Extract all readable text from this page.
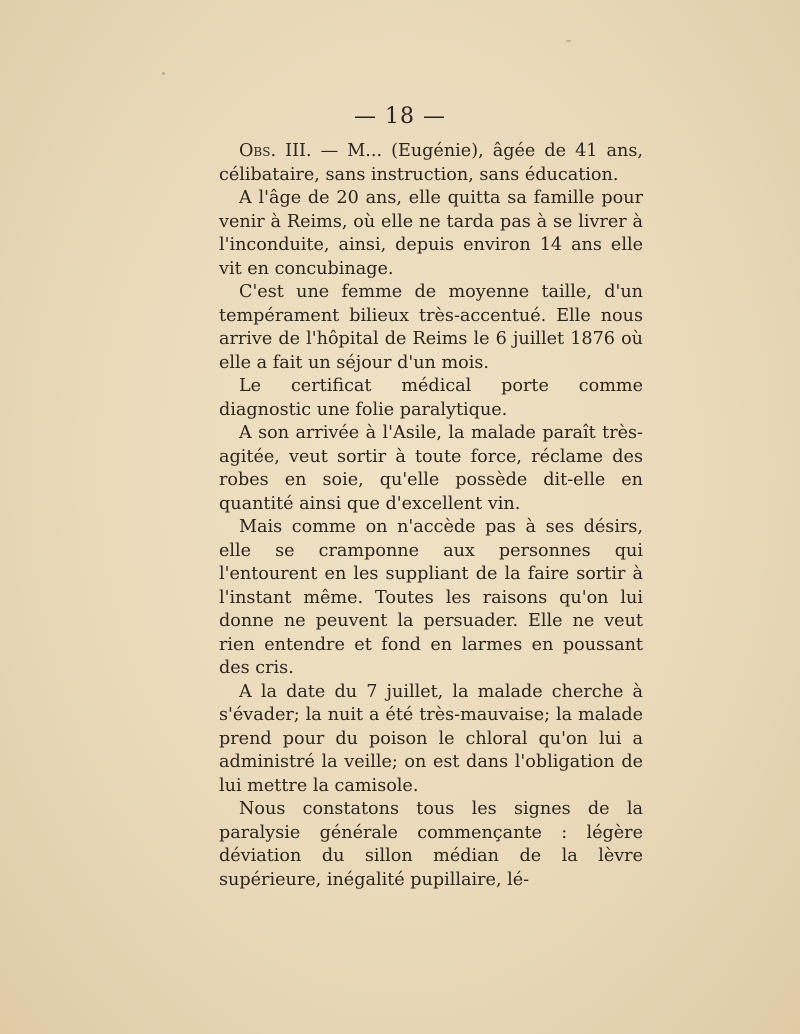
— 18 —

Obs. III. — M... (Eugénie), âgée de 41 ans, célibataire, sans instruction, sans éducation.

A l'âge de 20 ans, elle quitta sa famille pour venir à Reims, où elle ne tarda pas à se livrer à l'inconduite, ainsi, depuis environ 14 ans elle vit en concubinage.

C'est une femme de moyenne taille, d'un tempérament bilieux très-accentué. Elle nous arrive de l'hôpital de Reims le 6 juillet 1876 où elle a fait un séjour d'un mois.

Le certificat médical porte comme diagnostic une folie paralytique.

A son arrivée à l'Asile, la malade paraît très-agitée, veut sortir à toute force, réclame des robes en soie, qu'elle possède dit-elle en quantité ainsi que d'excellent vin.

Mais comme on n'accède pas à ses désirs, elle se cramponne aux personnes qui l'entourent en les suppliant de la faire sortir à l'instant même. Toutes les raisons qu'on lui donne ne peuvent la persuader. Elle ne veut rien entendre et fond en larmes en poussant des cris.

A la date du 7 juillet, la malade cherche à s'évader; la nuit a été très-mauvaise; la malade prend pour du poison le chloral qu'on lui a administré la veille; on est dans l'obligation de lui mettre la camisole.

Nous constatons tous les signes de la paralysie générale commençante : légère déviation du sillon médian de la lèvre supérieure, inégalité pupillaire, lé-
